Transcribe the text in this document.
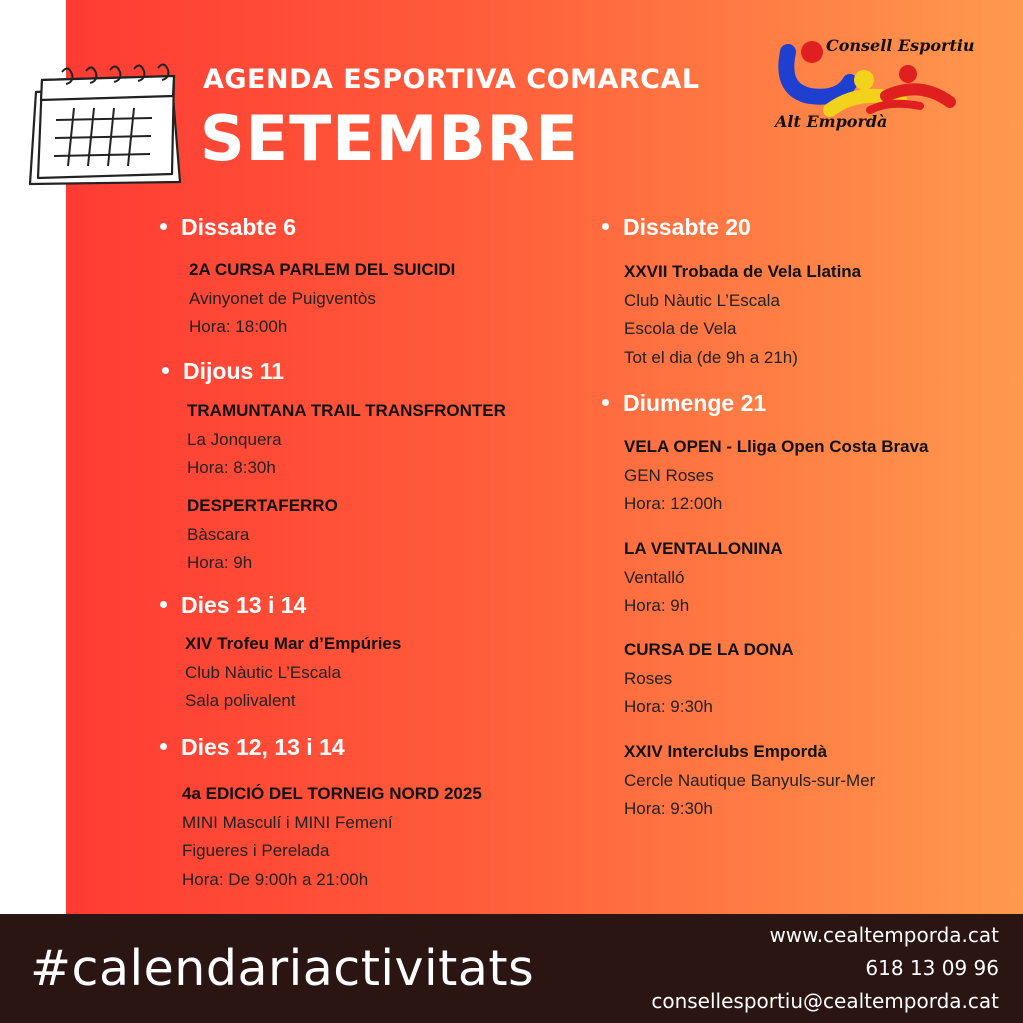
AGENDA ESPORTIVA COMARCAL
SETEMBRE
Consell Esportiu
Alt Empordà
Dissabte 6
2A CURSA PARLEM DEL SUICIDI
Avinyonet de Puigventòs
Hora: 18:00h
Dijous 11
TRAMUNTANA TRAIL TRANSFRONTER
La Jonquera
Hora: 8:30h
DESPERTAFERRO
Bàscara
Hora: 9h
Dies 13 i 14
XIV Trofeu Mar d’Empúries
Club Nàutic L’Escala
Sala polivalent
Dies 12, 13 i 14
4a EDICIÓ DEL TORNEIG NORD 2025
MINI Masculí i MINI Femení
Figueres i Perelada
Hora: De 9:00h a 21:00h
Dissabte 20
XXVII Trobada de Vela Llatina
Club Nàutic L’Escala
Escola de Vela
Tot el dia (de 9h a 21h)
Diumenge 21
VELA OPEN - Lliga Open Costa Brava
GEN Roses
Hora: 12:00h
LA VENTALLONINA
Ventalló
Hora: 9h
CURSA DE LA DONA
Roses
Hora: 9:30h
XXIV Interclubs Empordà
Cercle Nautique Banyuls-sur-Mer
Hora: 9:30h
#calendariactivitats
www.cealtemporda.cat
618 13 09 96
consellesportiu@cealtemporda.cat
